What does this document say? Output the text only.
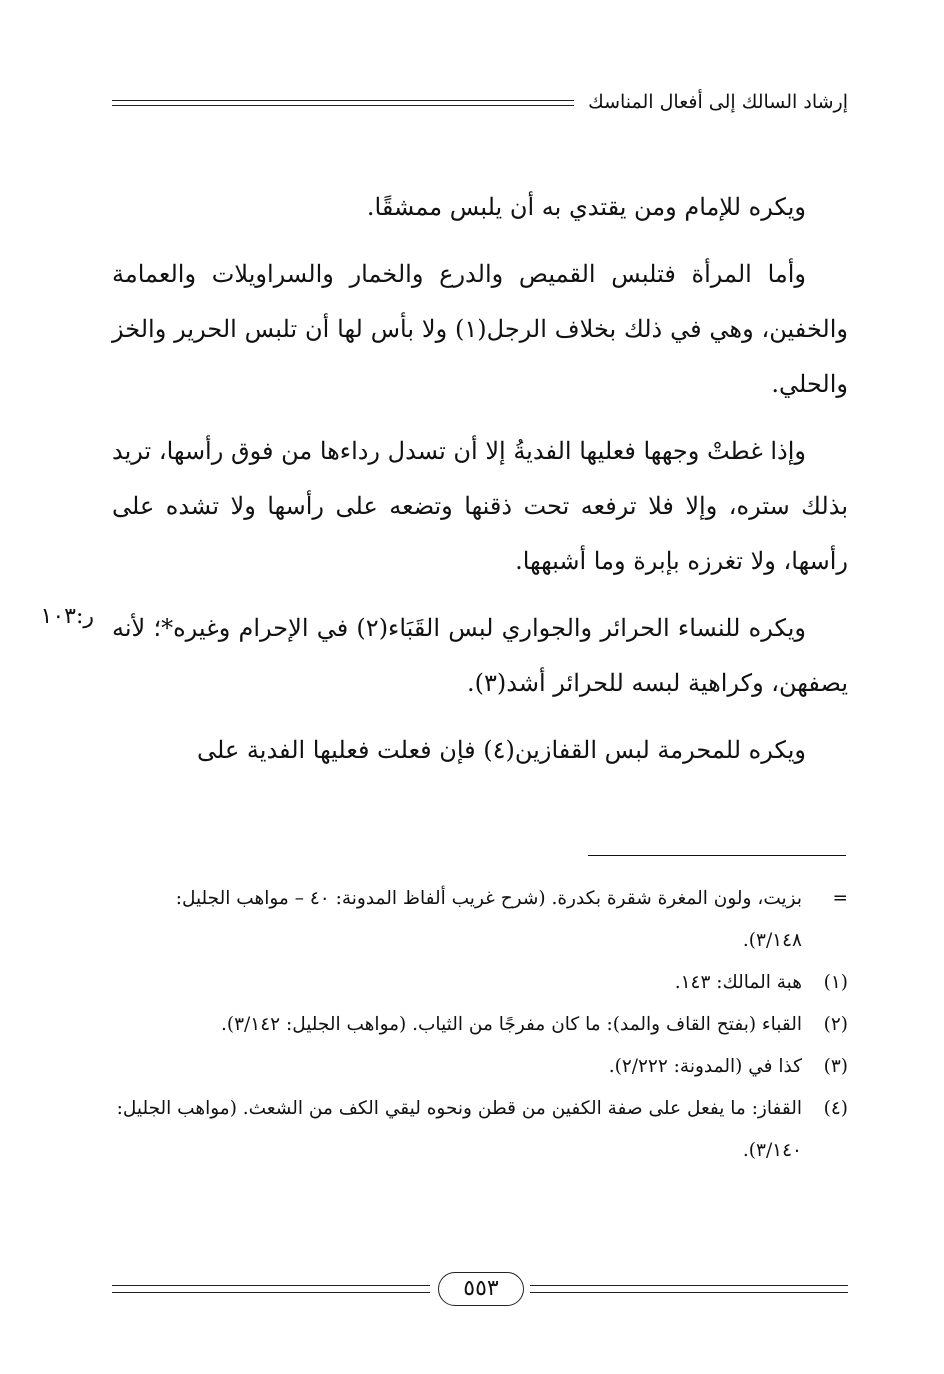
إرشاد السالك إلى أفعال المناسك

ويكره للإمام ومن يقتدي به أن يلبس ممشقًا.

وأما المرأة فتلبس القميص والدرع والخمار والسراويلات والعمامة والخفين، وهي في ذلك بخلاف الرجل(١) ولا بأس لها أن تلبس الحرير والخز والحلي.

وإذا غطتْ وجهها فعليها الفديةُ إلا أن تسدل رداءها من فوق رأسها، تريد بذلك ستره، وإلا فلا ترفعه تحت ذقنها وتضعه على رأسها ولا تشده على رأسها، ولا تغرزه بإبرة وما أشبهها.

ويكره للنساء الحرائر والجواري لبس القَبَاء(٢) في الإحرام وغيره*؛ لأنه يصفهن، وكراهية لبسه للحرائر أشد(٣).

ويكره للمحرمة لبس القفازين(٤) فإن فعلت فعليها الفدية على

ر:١٠٣
=
بزيت، ولون المغرة شقرة بكدرة. (شرح غريب ألفاظ المدونة: ٤٠ – مواهب الجليل: ٣/١٤٨).
(١)
هبة المالك: ١٤٣.
(٢)
القباء (بفتح القاف والمد): ما كان مفرجًا من الثياب. (مواهب الجليل: ٣/١٤٢).
(٣)
كذا في (المدونة: ٢/٢٢٢).
(٤)
القفاز: ما يفعل على صفة الكفين من قطن ونحوه ليقي الكف من الشعث. (مواهب الجليل: ٣/١٤٠).
٥٥٣
